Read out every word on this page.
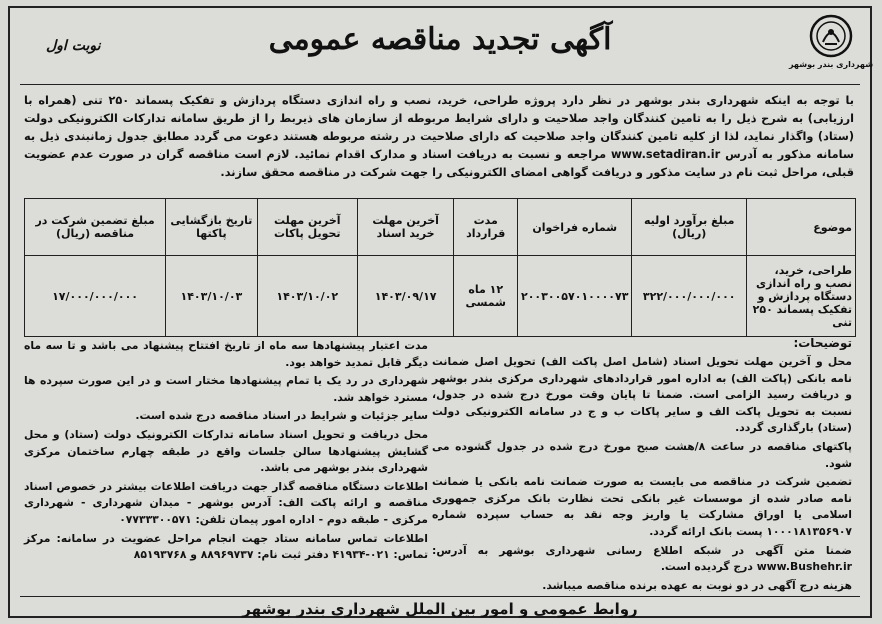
شهرداری بندر بوشهر
آگهی تجدید مناقصه عمومی
نوبت اول
با توجه به اینکه شهرداری بندر بوشهر در نظر دارد پروژه طراحی، خرید، نصب و راه اندازی دستگاه پردازش و تفکیک پسماند ۲۵۰ تنی (همراه با ارزیابی) به شرح ذیل را به تامین کنندگان واجد صلاحیت و دارای شرایط مربوطه از سازمان های ذیربط را از طریق سامانه تدارکات الکترونیکی دولت (ستاد) واگذار نماید، لذا از کلیه تامین کنندگان واجد صلاحیت که دارای صلاحیت در رشته مربوطه هستند دعوت می گردد مطابق جدول زمانبندی ذیل به سامانه مذکور به آدرس www.setadiran.ir مراجعه و نسبت به دریافت اسناد و مدارک اقدام نمائید. لازم است مناقصه گران در صورت عدم عضویت قبلی، مراحل ثبت نام در سایت مذکور و دریافت گواهی امضای الکترونیکی را جهت شرکت در مناقصه محقق سازند.
موضوع	مبلغ برآورد اولیه (ریال)	شماره فراخوان	مدت قرارداد	آخرین مهلت خرید اسناد	آخرین مهلت تحویل پاکات	تاریخ بازگشایی پاکتها	مبلغ تضمین شرکت در مناقصه (ریال)
طراحی، خرید، نصب و راه اندازی دستگاه پردازش و تفکیک پسماند ۲۵۰ تنی	۳۲۲/۰۰۰/۰۰۰/۰۰۰	۲۰۰۳۰۰۵۷۰۱۰۰۰۰۷۳	۱۲ ماه شمسی	۱۴۰۳/۰۹/۱۷	۱۴۰۳/۱۰/۰۲	۱۴۰۳/۱۰/۰۳	۱۷/۰۰۰/۰۰۰/۰۰۰
توضیحات:

محل و آخرین مهلت تحویل اسناد (شامل اصل پاکت الف) تحویل اصل ضمانت نامه بانکی (پاکت الف) به اداره امور قراردادهای شهرداری مرکزی بندر بوشهر و دریافت رسید الزامی است. ضمنا تا پایان وقت مورخ درج شده در جدول، نسبت به تحویل پاکت الف و سایر پاکات ب و ج در سامانه الکترونیکی دولت (ستاد) بارگذاری گردد.

پاکتهای مناقصه در ساعت ۸/هشت صبح مورخ درج شده در جدول گشوده می شود.

تضمین شرکت در مناقصه می بایست به صورت ضمانت نامه بانکی یا ضمانت نامه صادر شده از موسسات غیر بانکی تحت نظارت بانک مرکزی جمهوری اسلامی یا اوراق مشارکت یا واریز وجه نقد به حساب سپرده شماره ۱۰۰۰۱۸۱۳۵۶۹۰۷ پست بانک ارائه گردد.

ضمنا متن آگهی در شبکه اطلاع رسانی شهرداری بوشهر به آدرس: www.Bushehr.ir درج گردیده است.

هزینه درج آگهی در دو نوبت به عهده برنده مناقصه میباشد.

مدت اعتبار پیشنهادها سه ماه از تاریخ افتتاح پیشنهاد می باشد و تا سه ماه دیگر قابل تمدید خواهد بود.

شهرداری در رد یک یا تمام پیشنهادها مختار است و در این صورت سپرده ها مسترد خواهد شد.

سایر جزئیات و شرایط در اسناد مناقصه درج شده است.

محل دریافت و تحویل اسناد سامانه تدارکات الکترونیک دولت (ستاد) و محل گشایش پیشنهادها سالن جلسات واقع در طبقه چهارم ساختمان مرکزی شهرداری بندر بوشهر می باشد.

اطلاعات دستگاه مناقصه گذار جهت دریافت اطلاعات بیشتر در خصوص اسناد مناقصه و ارائه پاکت الف: آدرس بوشهر - میدان شهرداری - شهرداری مرکزی - طبقه دوم - اداره امور پیمان تلفن: ۰۷۷۳۳۳۰۰۵۷۱

اطلاعات تماس سامانه ستاد جهت انجام مراحل عضویت در سامانه: مرکز تماس: ۰۲۱-۴۱۹۳۴ دفتر ثبت نام: ۸۸۹۶۹۷۳۷ و ۸۵۱۹۳۷۶۸

روابط عمومی و امور بین الملل شهرداری بندر بوشهر
